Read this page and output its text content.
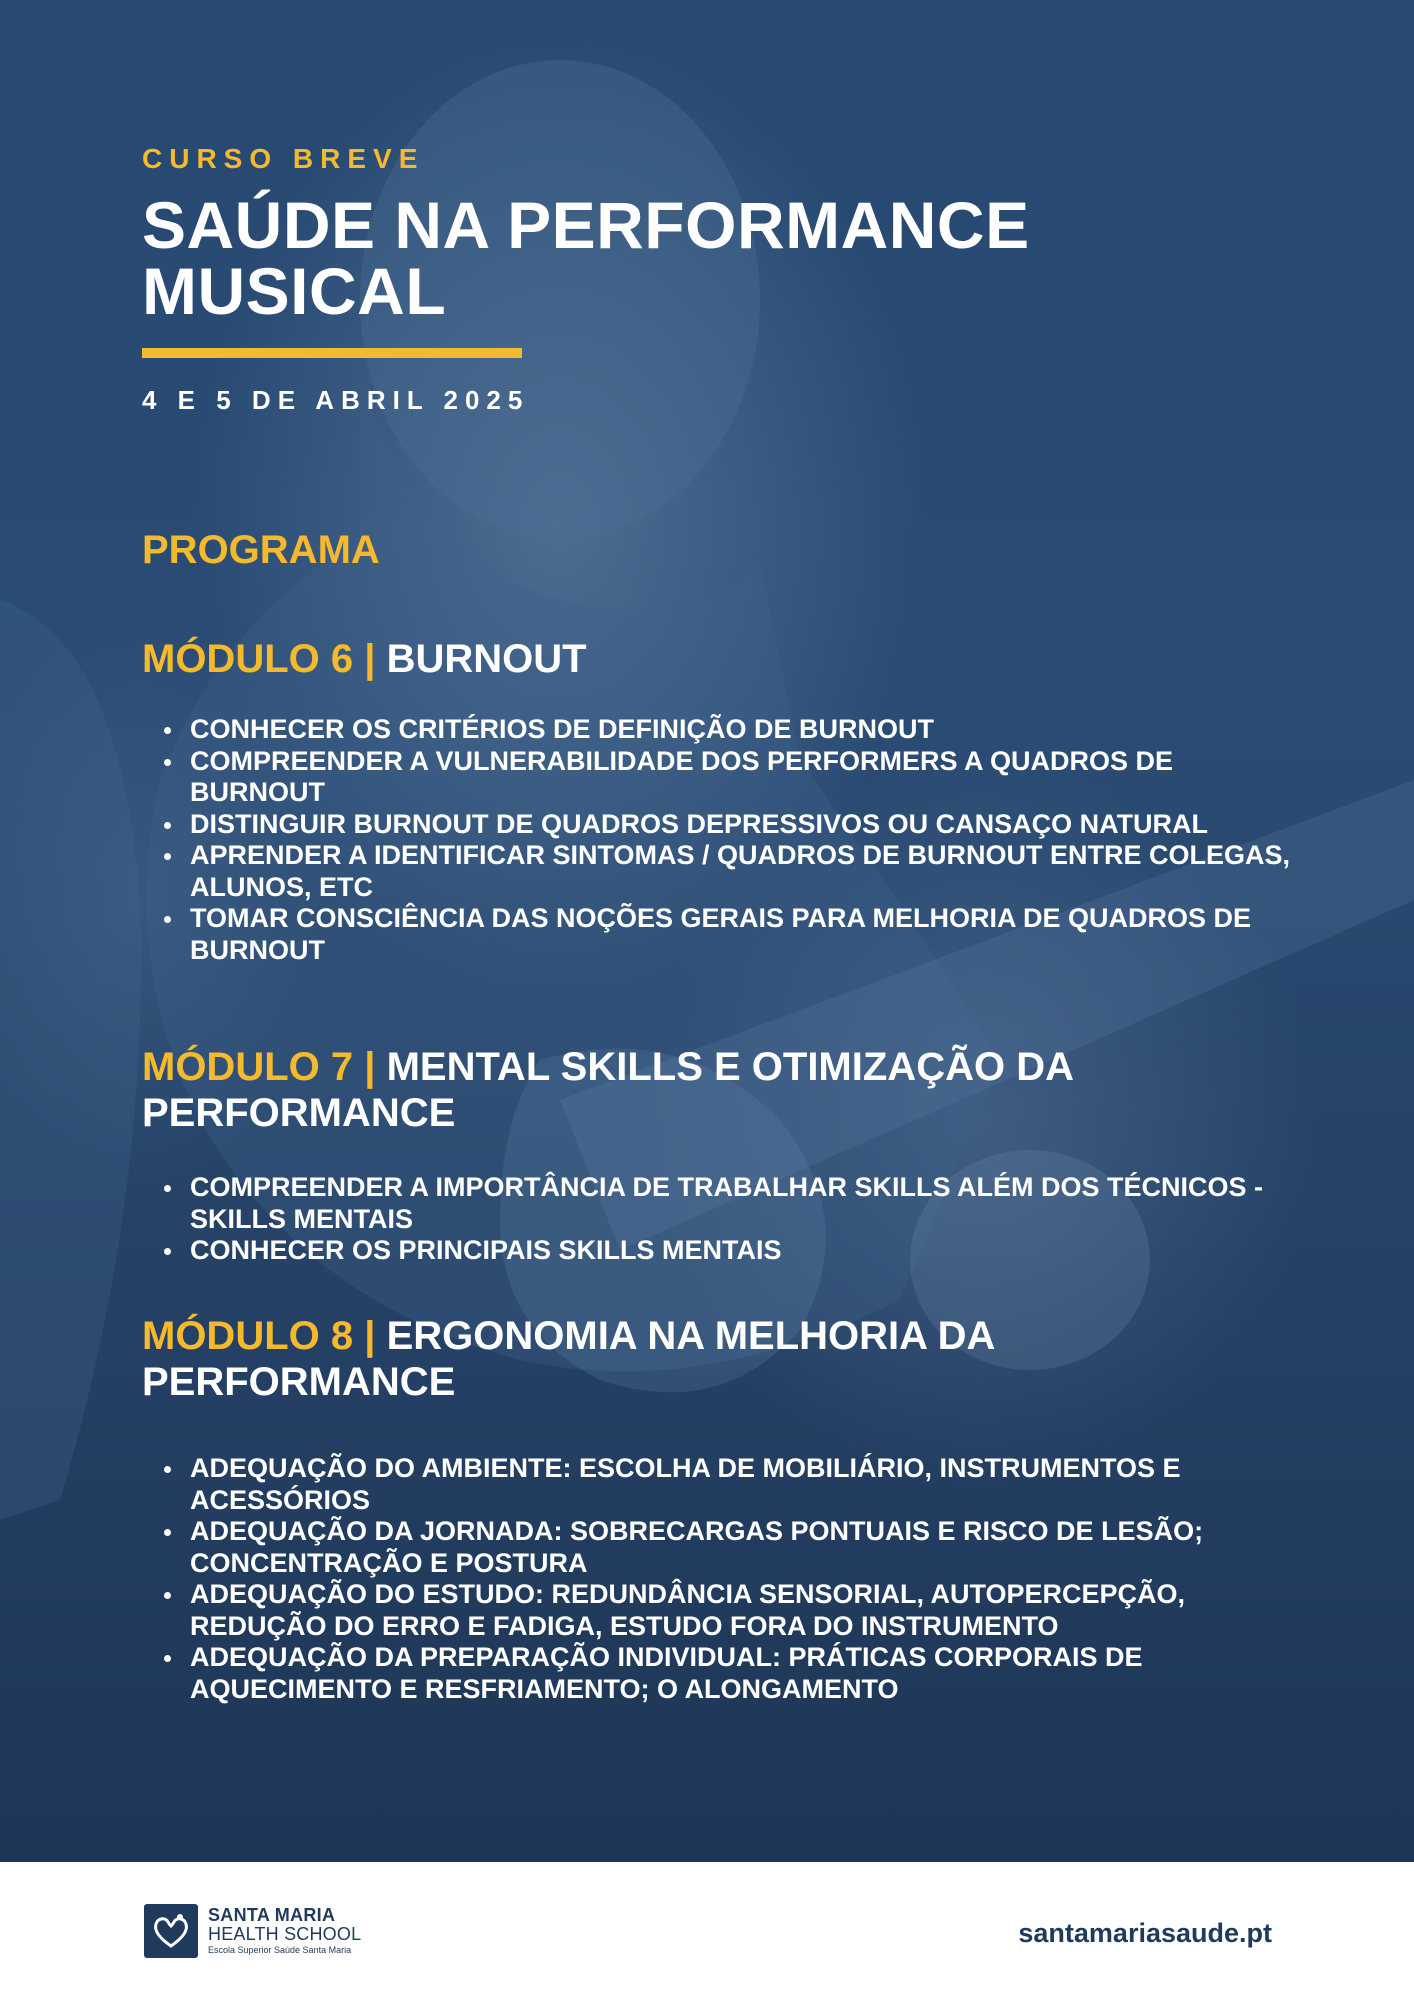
CURSO BREVE
SAÚDE NA PERFORMANCE MUSICAL
4 E 5 DE ABRIL 2025
PROGRAMA
MÓDULO 6 | BURNOUT
CONHECER OS CRITÉRIOS DE DEFINIÇÃO DE BURNOUT
COMPREENDER A VULNERABILIDADE DOS PERFORMERS A QUADROS DE BURNOUT
DISTINGUIR BURNOUT DE QUADROS DEPRESSIVOS OU CANSAÇO NATURAL
APRENDER A IDENTIFICAR SINTOMAS / QUADROS DE BURNOUT ENTRE COLEGAS, ALUNOS, ETC
TOMAR CONSCIÊNCIA DAS NOÇÕES GERAIS PARA MELHORIA DE QUADROS DE BURNOUT
MÓDULO 7 | MENTAL SKILLS E OTIMIZAÇÃO DA PERFORMANCE
COMPREENDER A IMPORTÂNCIA DE TRABALHAR SKILLS ALÉM DOS TÉCNICOS - SKILLS MENTAIS
CONHECER OS PRINCIPAIS SKILLS MENTAIS
MÓDULO 8 | ERGONOMIA NA MELHORIA DA PERFORMANCE
ADEQUAÇÃO DO AMBIENTE: ESCOLHA DE MOBILIÁRIO, INSTRUMENTOS E ACESSÓRIOS
ADEQUAÇÃO DA JORNADA: SOBRECARGAS PONTUAIS E RISCO DE LESÃO; CONCENTRAÇÃO E POSTURA
ADEQUAÇÃO DO ESTUDO: REDUNDÂNCIA SENSORIAL, AUTOPERCEPÇÃO, REDUÇÃO DO ERRO E FADIGA, ESTUDO FORA DO INSTRUMENTO
ADEQUAÇÃO DA PREPARAÇÃO INDIVIDUAL: PRÁTICAS CORPORAIS DE AQUECIMENTO E RESFRIAMENTO; O ALONGAMENTO
SANTA MARIA
HEALTH SCHOOL
Escola Superior Saúde Santa Maria
santamariasaude.pt
